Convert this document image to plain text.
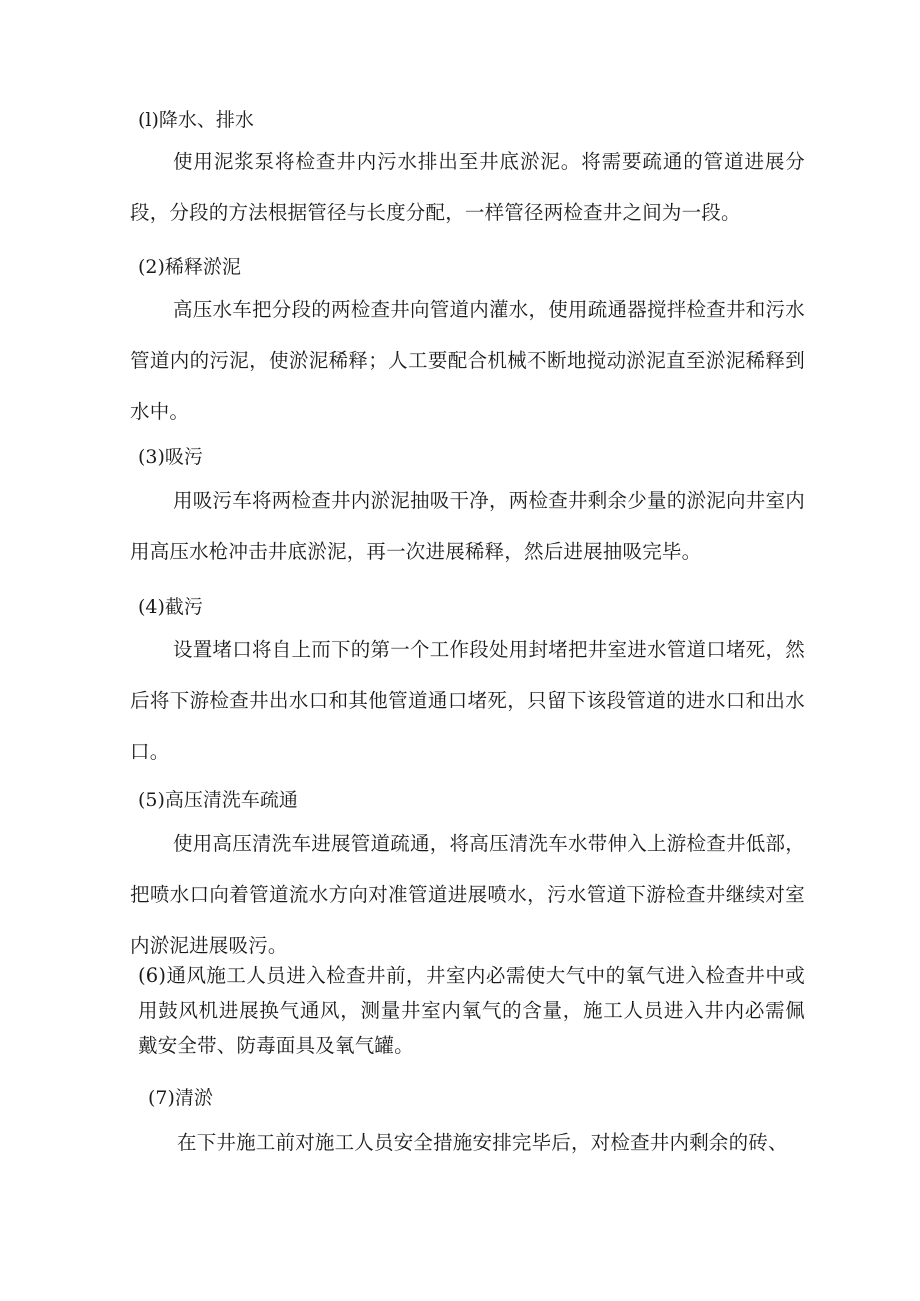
(l)降水、排水
使用泥浆泵将检查井内污水排出至井底淤泥。将需要疏通的管道进展分段，分段的方法根据管径与长度分配，一样管径两检查井之间为一段。
(2)稀释淤泥
高压水车把分段的两检查井向管道内灌水，使用疏通器搅拌检查井和污水管道内的污泥，使淤泥稀释；人工要配合机械不断地搅动淤泥直至淤泥稀释到水中。
(3)吸污
用吸污车将两检查井内淤泥抽吸干净，两检查井剩余少量的淤泥向井室内用高压水枪冲击井底淤泥，再一次进展稀释，然后进展抽吸完毕。
(4)截污
设置堵口将自上而下的第一个工作段处用封堵把井室进水管道口堵死，然后将下游检查井出水口和其他管道通口堵死，只留下该段管道的进水口和出水口。
(5)高压清洗车疏通
使用高压清洗车进展管道疏通，将高压清洗车水带伸入上游检查井低部，把喷水口向着管道流水方向对准管道进展喷水，污水管道下游检查井继续对室内淤泥进展吸污。
(6)通风施工人员进入检查井前，井室内必需使大气中的氧气进入检查井中或用鼓风机进展换气通风，测量井室内氧气的含量，施工人员进入井内必需佩戴安全带、防毒面具及氧气罐。
(7)清淤
在下井施工前对施工人员安全措施安排完毕后，对检查井内剩余的砖、
